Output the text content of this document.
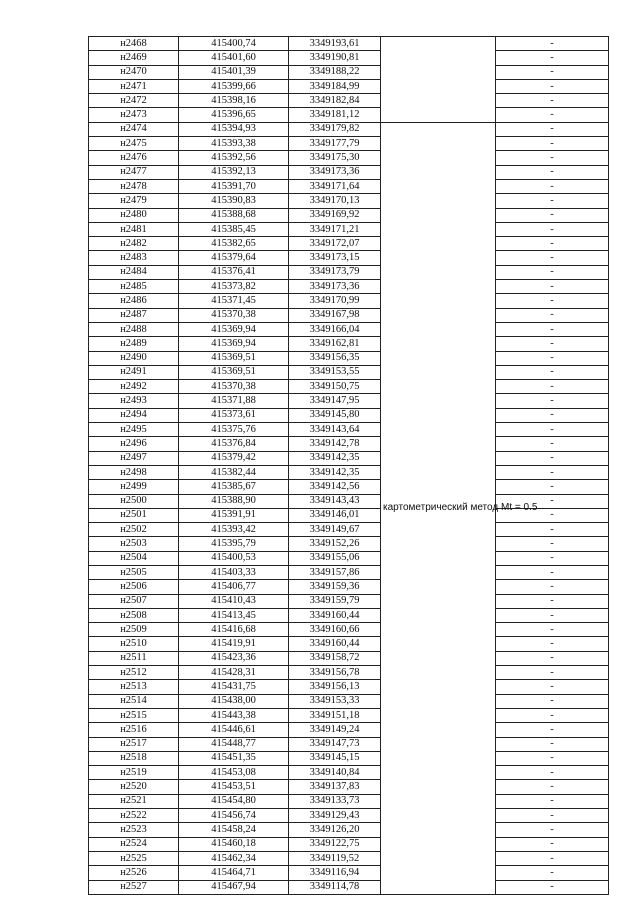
н2468	415400,74	3349193,61		-
н2469	415401,60	3349190,81		-
н2470	415401,39	3349188,22		-
н2471	415399,66	3349184,99		-
н2472	415398,16	3349182,84		-
н2473	415396,65	3349181,12		-
н2474	415394,93	3349179,82	картометрический метод Mt = 0.5	-
н2475	415393,38	3349177,79		-
н2476	415392,56	3349175,30		-
н2477	415392,13	3349173,36		-
н2478	415391,70	3349171,64		-
н2479	415390,83	3349170,13		-
н2480	415388,68	3349169,92		-
н2481	415385,45	3349171,21		-
н2482	415382,65	3349172,07		-
н2483	415379,64	3349173,15		-
н2484	415376,41	3349173,79		-
н2485	415373,82	3349173,36		-
н2486	415371,45	3349170,99		-
н2487	415370,38	3349167,98		-
н2488	415369,94	3349166,04		-
н2489	415369,94	3349162,81		-
н2490	415369,51	3349156,35		-
н2491	415369,51	3349153,55		-
н2492	415370,38	3349150,75		-
н2493	415371,88	3349147,95		-
н2494	415373,61	3349145,80		-
н2495	415375,76	3349143,64		-
н2496	415376,84	3349142,78		-
н2497	415379,42	3349142,35		-
н2498	415382,44	3349142,35		-
н2499	415385,67	3349142,56		-
н2500	415388,90	3349143,43		-
н2501	415391,91	3349146,01		-
н2502	415393,42	3349149,67		-
н2503	415395,79	3349152,26		-
н2504	415400,53	3349155,06		-
н2505	415403,33	3349157,86		-
н2506	415406,77	3349159,36		-
н2507	415410,43	3349159,79		-
н2508	415413,45	3349160,44		-
н2509	415416,68	3349160,66		-
н2510	415419,91	3349160,44		-
н2511	415423,36	3349158,72		-
н2512	415428,31	3349156,78		-
н2513	415431,75	3349156,13		-
н2514	415438,00	3349153,33		-
н2515	415443,38	3349151,18		-
н2516	415446,61	3349149,24		-
н2517	415448,77	3349147,73		-
н2518	415451,35	3349145,15		-
н2519	415453,08	3349140,84		-
н2520	415453,51	3349137,83		-
н2521	415454,80	3349133,73		-
н2522	415456,74	3349129,43		-
н2523	415458,24	3349126,20		-
н2524	415460,18	3349122,75		-
н2525	415462,34	3349119,52		-
н2526	415464,71	3349116,94		-
н2527	415467,94	3349114,78		-
